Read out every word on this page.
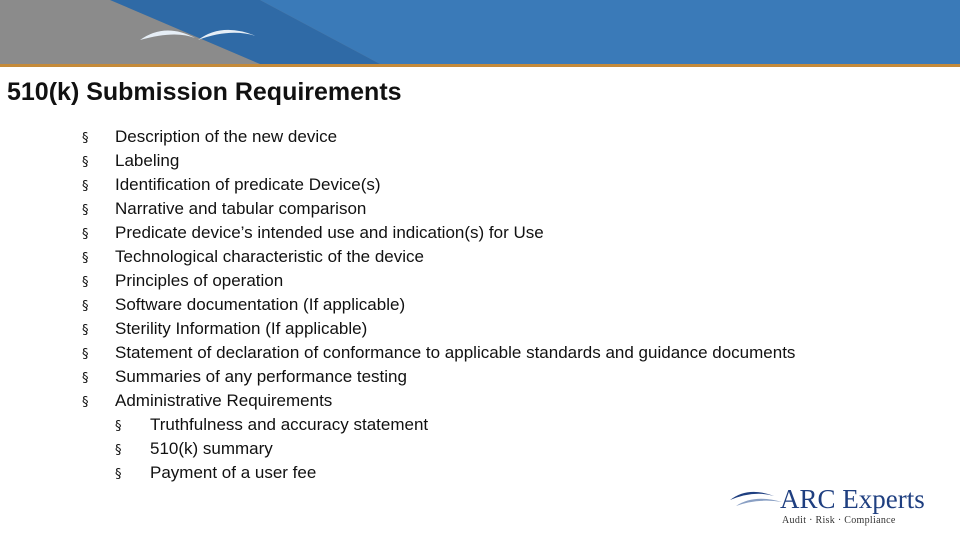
510(k) Submission Requirements
§ Description of the new device
§ Labeling
§ Identification of predicate Device(s)
§ Narrative and tabular comparison
§ Predicate device’s intended use and indication(s) for Use
§ Technological characteristic of the device
§ Principles of operation
§ Software documentation (If applicable)
§ Sterility Information (If applicable)
§ Statement of declaration of conformance to applicable standards and guidance documents
§ Summaries of any performance testing
§ Administrative Requirements
§ Truthfulness and accuracy statement
§ 510(k) summary
§ Payment of a user fee
ARC Experts
Audit · Risk · Compliance
